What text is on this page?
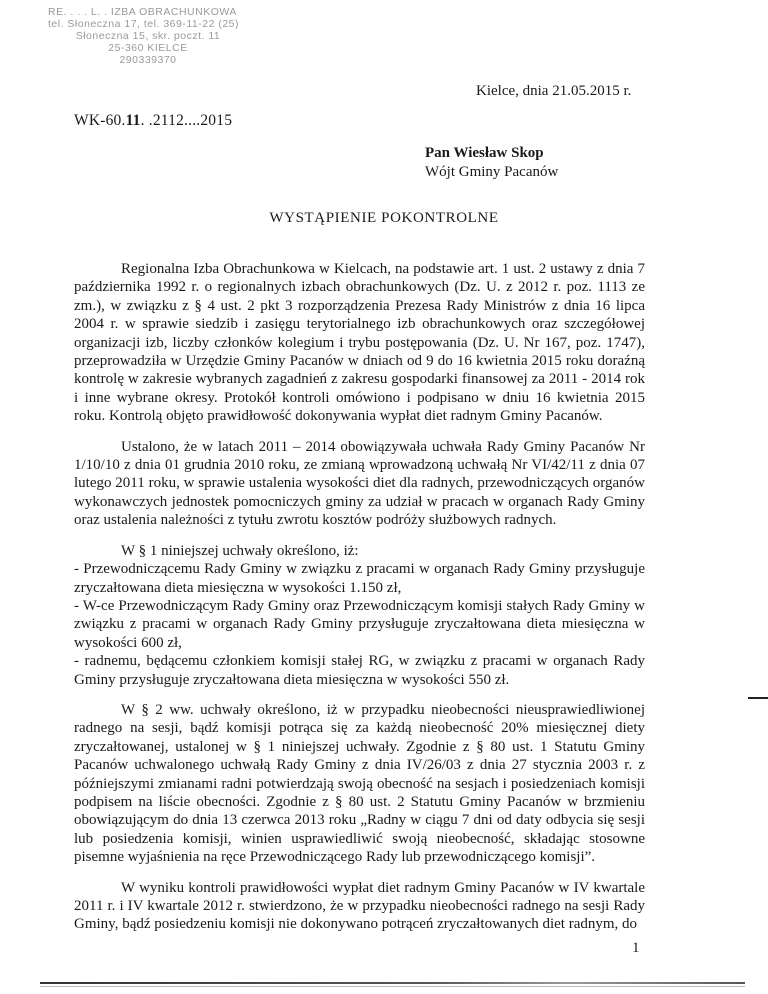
RE. . . . L. . IZBA OBRACHUNKOWA
tel. Słoneczna 17, tel. 369-11-22 (25)
Słoneczna 15, skr. poczt. 11
25-360 KIELCE
290339370
Kielce, dnia 21.05.2015 r.
WK-60.11. .2112....2015
Pan Wiesław Skop
Wójt Gminy Pacanów
WYSTĄPIENIE POKONTROLNE

Regionalna Izba Obrachunkowa w Kielcach, na podstawie art. 1 ust. 2 ustawy z dnia 7 października 1992 r. o regionalnych izbach obrachunkowych (Dz. U. z 2012 r. poz. 1113 ze zm.), w związku z § 4 ust. 2 pkt 3 rozporządzenia Prezesa Rady Ministrów z dnia 16 lipca 2004 r. w sprawie siedzib i zasięgu terytorialnego izb obrachunkowych oraz szczegółowej organizacji izb, liczby członków kolegium i trybu postępowania (Dz. U. Nr 167, poz. 1747), przeprowadziła w Urzędzie Gminy Pacanów w dniach od 9 do 16 kwietnia 2015 roku doraźną kontrolę w zakresie wybranych zagadnień z zakresu gospodarki finansowej za 2011 - 2014 rok i inne wybrane okresy. Protokół kontroli omówiono i podpisano w dniu 16 kwietnia 2015 roku. Kontrolą objęto prawidłowość dokonywania wypłat diet radnym Gminy Pacanów.

Ustalono, że w latach 2011 – 2014 obowiązywała uchwała Rady Gminy Pacanów Nr 1/10/10 z dnia 01 grudnia 2010 roku, ze zmianą wprowadzoną uchwałą Nr VI/42/11 z dnia 07 lutego 2011 roku, w sprawie ustalenia wysokości diet dla radnych, przewodniczących organów wykonawczych jednostek pomocniczych gminy za udział w pracach w organach Rady Gminy oraz ustalenia należności z tytułu zwrotu kosztów podróży służbowych radnych.

W § 1 niniejszej uchwały określono, iż:
- Przewodniczącemu Rady Gminy w związku z pracami w organach Rady Gminy przysługuje zryczałtowana dieta miesięczna w wysokości 1.150 zł,
- W-ce Przewodniczącym Rady Gminy oraz Przewodniczącym komisji stałych Rady Gminy w związku z pracami w organach Rady Gminy przysługuje zryczałtowana dieta miesięczna w wysokości 600 zł,
- radnemu, będącemu członkiem komisji stałej RG, w związku z pracami w organach Rady Gminy przysługuje zryczałtowana dieta miesięczna w wysokości 550 zł.

W § 2 ww. uchwały określono, iż w przypadku nieobecności nieusprawiedliwionej radnego na sesji, bądź komisji potrąca się za każdą nieobecność 20% miesięcznej diety zryczałtowanej, ustalonej w § 1 niniejszej uchwały. Zgodnie z § 80 ust. 1 Statutu Gminy Pacanów uchwalonego uchwałą Rady Gminy z dnia IV/26/03 z dnia 27 stycznia 2003 r. z późniejszymi zmianami radni potwierdzają swoją obecność na sesjach i posiedzeniach komisji podpisem na liście obecności. Zgodnie z § 80 ust. 2 Statutu Gminy Pacanów w brzmieniu obowiązującym do dnia 13 czerwca 2013 roku „Radny w ciągu 7 dni od daty odbycia się sesji lub posiedzenia komisji, winien usprawiedliwić swoją nieobecność, składając stosowne pisemne wyjaśnienia na ręce Przewodniczącego Rady lub przewodniczącego komisji”.

W wyniku kontroli prawidłowości wypłat diet radnym Gminy Pacanów w IV kwartale 2011 r. i IV kwartale 2012 r. stwierdzono, że w przypadku nieobecności radnego na sesji Rady Gminy, bądź posiedzeniu komisji nie dokonywano potrąceń zryczałtowanych diet radnym, do

1
